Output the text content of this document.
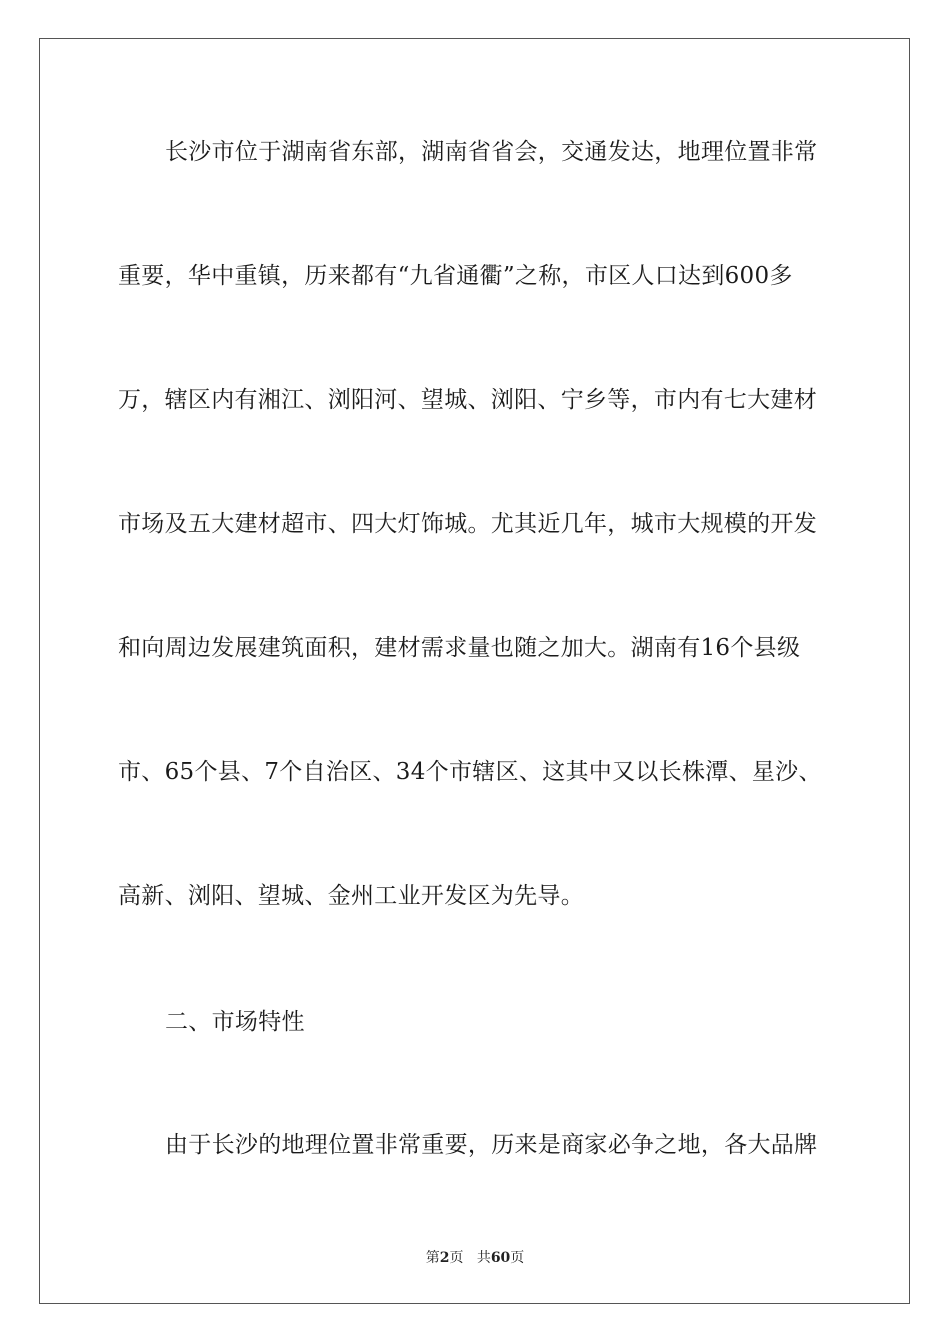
长沙市位于湖南省东部，湖南省省会，交通发达，地理位置非常
重要，华中重镇，历来都有“九省通衢”之称，市区人口达到600多
万，辖区内有湘江、浏阳河、望城、浏阳、宁乡等，市内有七大建材
市场及五大建材超市、四大灯饰城。尤其近几年，城市大规模的开发
和向周边发展建筑面积，建材需求量也随之加大。湖南有16个县级
市、65个县、7个自治区、34个市辖区、这其中又以长株潭、星沙、
高新、浏阳、望城、金州工业开发区为先导。
二、市场特性
由于长沙的地理位置非常重要，历来是商家必争之地，各大品牌
第2页 共60页
